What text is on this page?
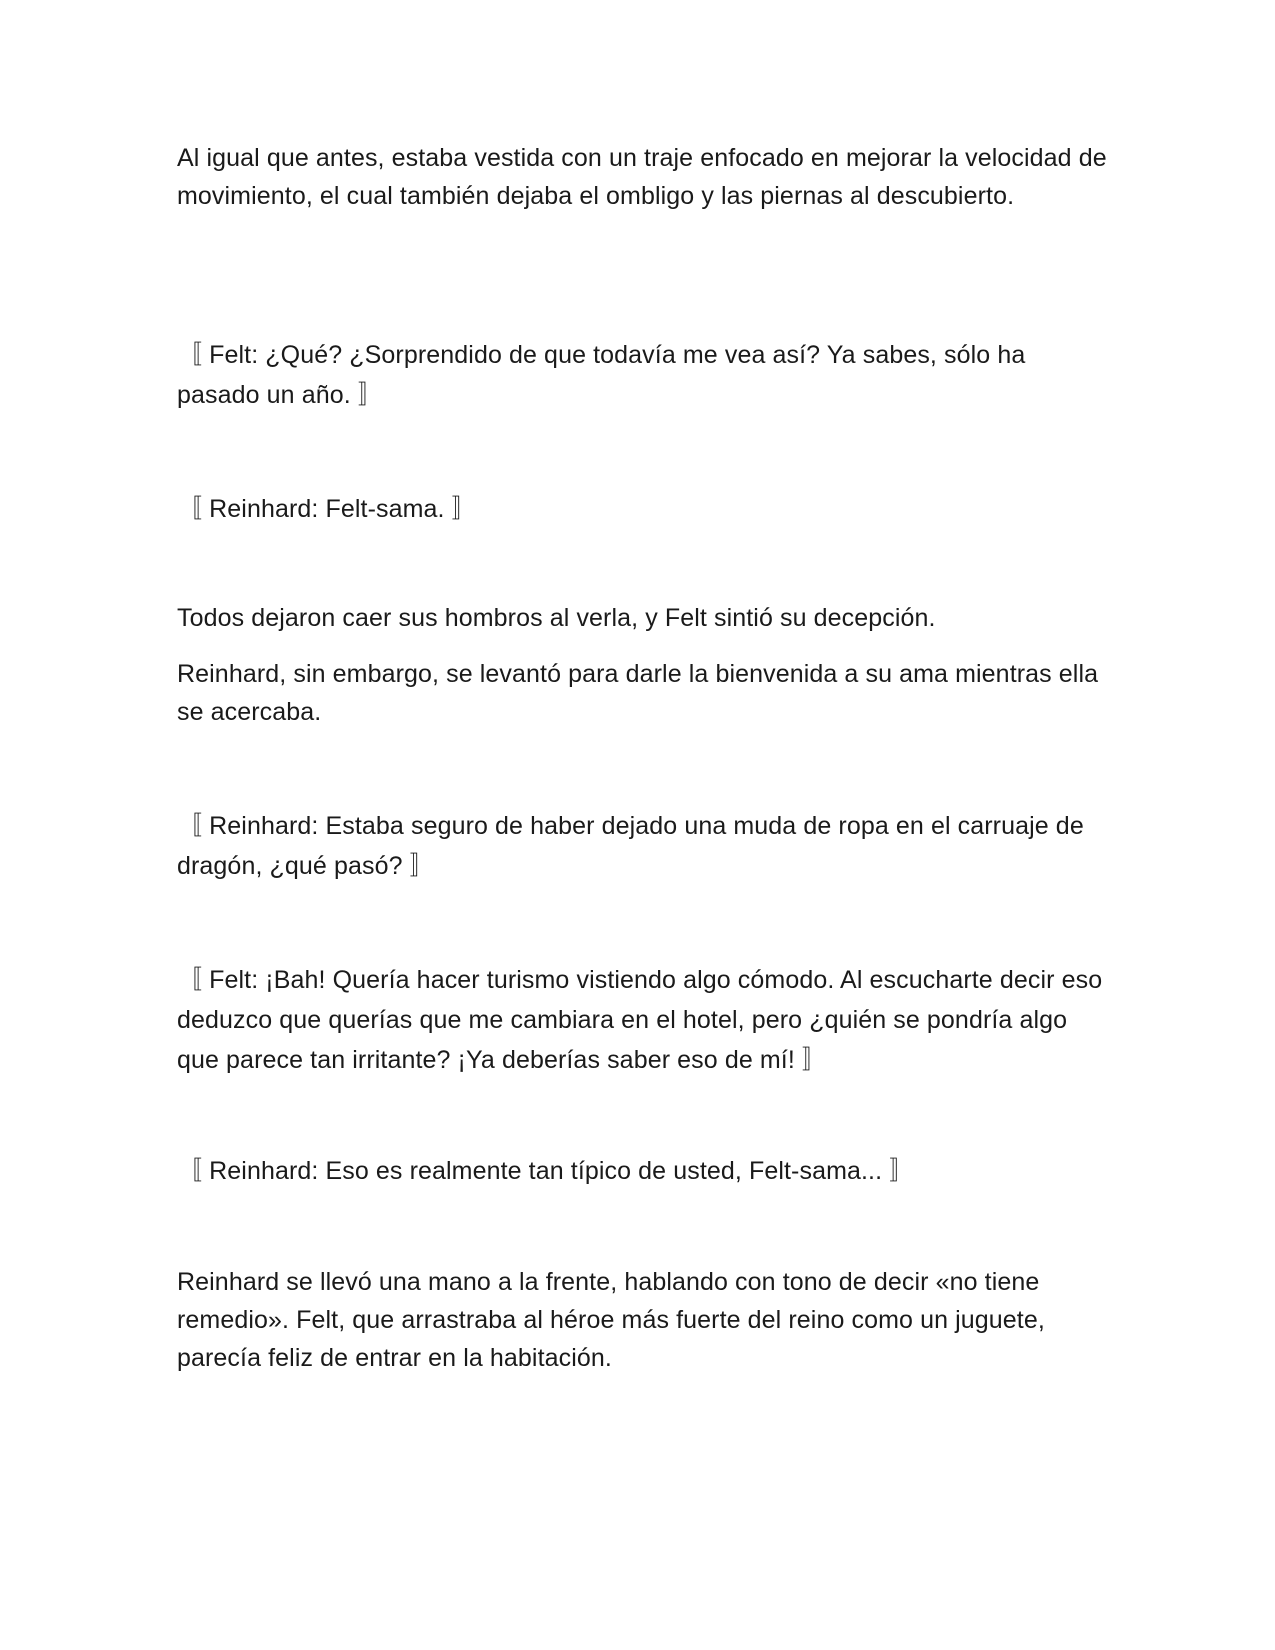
Al igual que antes, estaba vestida con un traje enfocado en mejorar la velocidad de movimiento, el cual también dejaba el ombligo y las piernas al descubierto.

〚 Felt: ¿Qué? ¿Sorprendido de que todavía me vea así? Ya sabes, sólo ha pasado un año. 〛

〚 Reinhard: Felt-sama. 〛

Todos dejaron caer sus hombros al verla, y Felt sintió su decepción.

Reinhard, sin embargo, se levantó para darle la bienvenida a su ama mientras ella se acercaba.

〚 Reinhard: Estaba seguro de haber dejado una muda de ropa en el carruaje de dragón, ¿qué pasó? 〛

〚 Felt: ¡Bah! Quería hacer turismo vistiendo algo cómodo. Al escucharte decir eso deduzco que querías que me cambiara en el hotel, pero ¿quién se pondría algo que parece tan irritante? ¡Ya deberías saber eso de mí! 〛

〚 Reinhard: Eso es realmente tan típico de usted, Felt-sama... 〛

Reinhard se llevó una mano a la frente, hablando con tono de decir «no tiene remedio». Felt, que arrastraba al héroe más fuerte del reino como un juguete, parecía feliz de entrar en la habitación.
